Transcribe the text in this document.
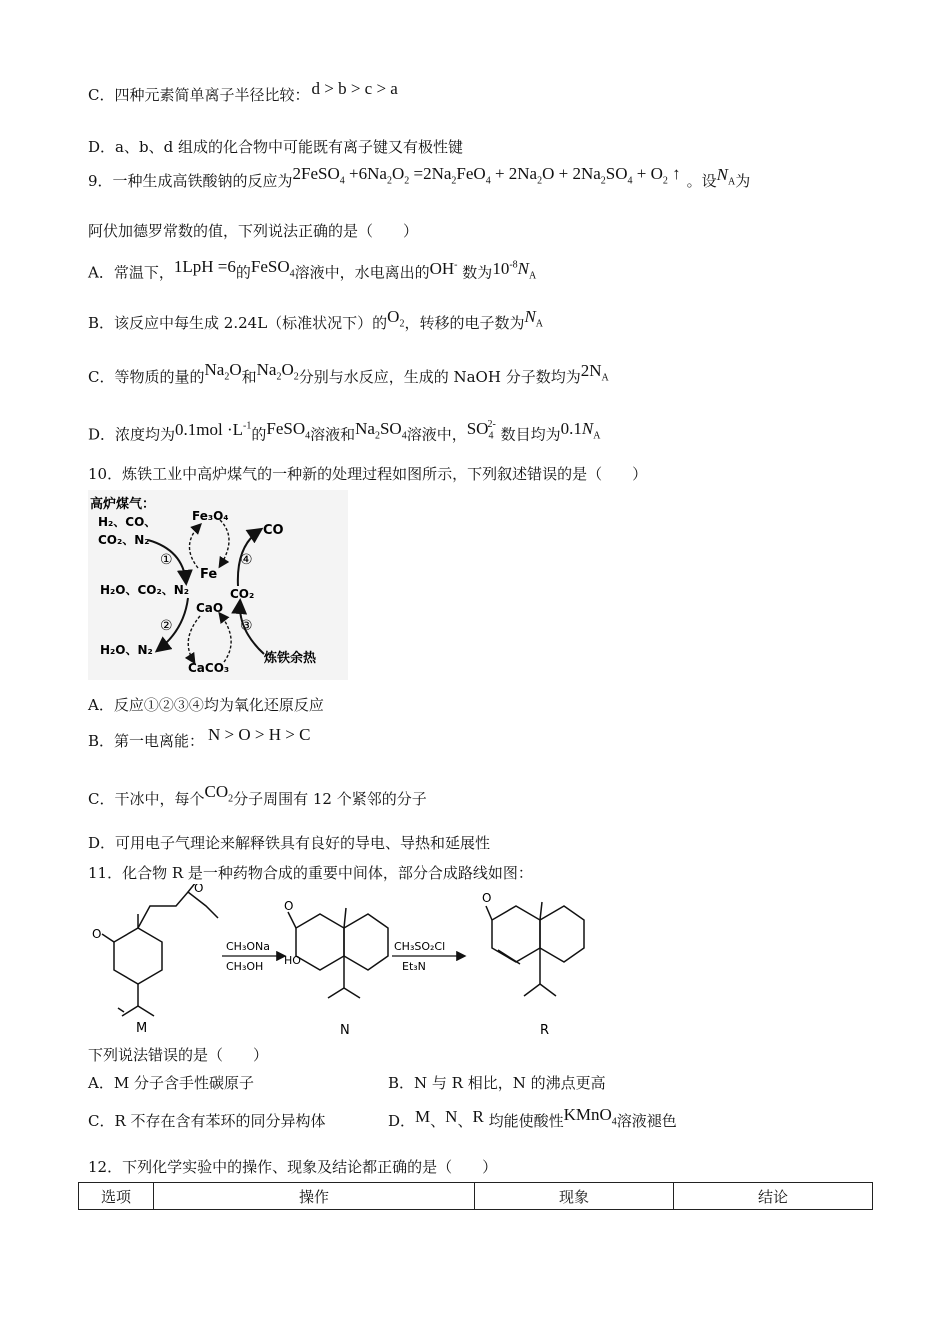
C．四种元素简单离子半径比较： d > b > c > a
D．a、b、d 组成的化合物中可能既有离子键又有极性键
9．一种生成高铁酸钠的反应为2FeSO$_4$ $+6Na_2O_2 =2Na_2FeO_4 + 2Na_2O + 2Na_2SO_4 + O_2$ ↑ 。设$N_A$为
阿伏加德罗常数的值，下列说法正确的是（　　）
A．常温下，1LpH =6的FeSO$_4$溶液中，水电离出的OH- 数为$10^{-8}N_A$
B．该反应中每生成 2.24L（标准状况下）的$O_2$，转移的电子数为$N_A$
C．等物质的量的$Na_2O$和$Na_2O_2$分别与水反应，生成的 NaOH 分子数均为$2N_A$
D．浓度均为$0.1mol \cdot L^{-1}$的FeSO$_4$溶液和$Na_2SO_4$溶液中，$SO_4^{2-}$ 数目均为$0.1N_A$
10．炼铁工业中高炉煤气的一种新的处理过程如图所示，下列叙述错误的是（　　）
高炉煤气：
H₂、CO、
CO₂、N₂
Fe₃O₄
CO
①	④
Fe
H₂O、CO₂、N₂	CO₂
CaO
②	③
H₂O、N₂
CaCO₃
炼铁余热
A．反应①②③④均为氧化还原反应
B．第一电离能： N > O > H > C
C．干冰中，每个$CO_2$分子周围有 12 个紧邻的分子
D．可用电子气理论来解释铁具有良好的导电、导热和延展性
11．化合物 R 是一种药物合成的重要中间体，部分合成路线如图：
O
O
M
CH₃ONa
CH₃OH
O
HO
N
CH₃SO₂Cl
Et₃N
O
R
下列说法错误的是（　　）
A．M 分子含手性碳原子	B．N 与 R 相比，N 的沸点更高
C．R 不存在含有苯环的同分异构体	D．M、N、R 均能使酸性KMnO$_4$溶液褪色
12．下列化学实验中的操作、现象及结论都正确的是（　　）
选项	操作	现象	结论
